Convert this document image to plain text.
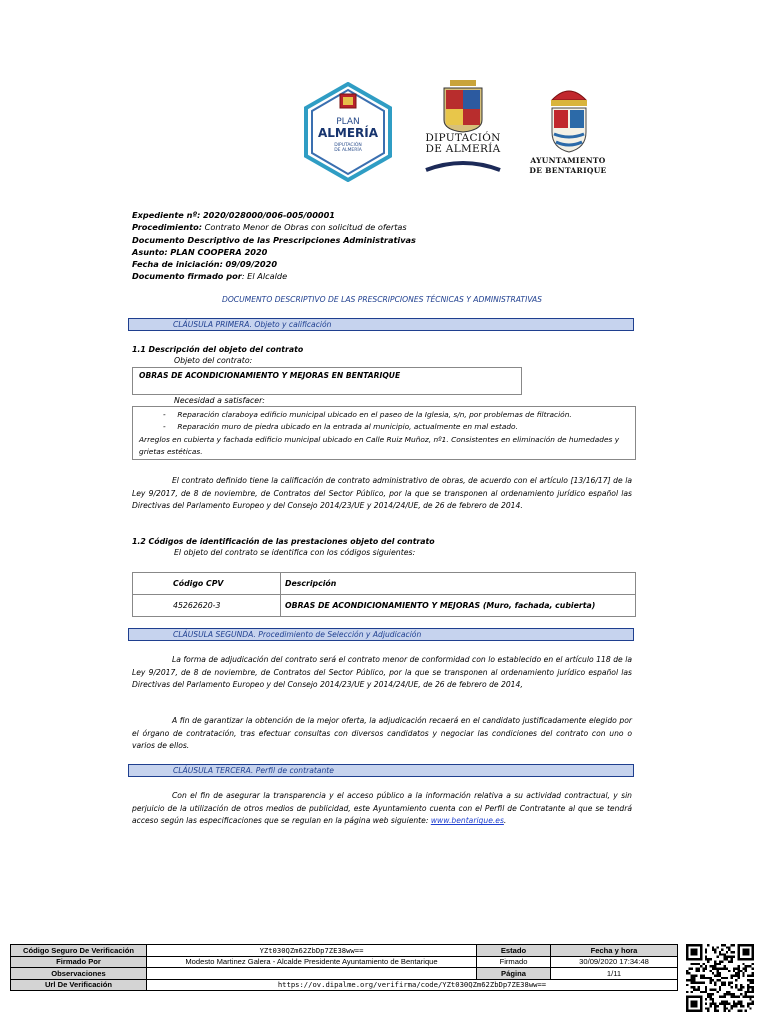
PLAN
ALMERÍA
DIPUTACIÓN
DE ALMERÍA
DIPUTACIÓN
DE ALMERÍA
AYUNTAMIENTO
DE BENTARIQUE
Expediente nº: 2020/028000/006-005/00001
Procedimiento: Contrato Menor de Obras con solicitud de ofertas
Documento Descriptivo de las Prescripciones Administrativas
Asunto: PLAN COOPERA 2020
Fecha de iniciación: 09/09/2020
Documento firmado por: El Alcalde
DOCUMENTO DESCRIPTIVO DE LAS PRESCRIPCIONES TÉCNICAS Y ADMINISTRATIVAS
CLÁUSULA PRIMERA. Objeto y calificación
1.1 Descripción del objeto del contrato
Objeto del contrato:
OBRAS DE ACONDICIONAMIENTO Y MEJORAS EN BENTARIQUE
Necesidad a satisfacer:
-     Reparación claraboya edificio municipal ubicado en el paseo de la Iglesia, s/n, por problemas de filtración.
-     Reparación muro de piedra ubicado en la entrada al municipio, actualmente en mal estado.
Arreglos en cubierta y fachada edificio municipal ubicado en Calle Ruiz Muñoz, nº1. Consistentes en eliminación de humedades y grietas estéticas.
El contrato definido tiene la calificación de contrato administrativo de obras, de acuerdo con el artículo [13/16/17] de la Ley 9/2017, de 8 de noviembre, de Contratos del Sector Público, por la que se transponen al ordenamiento jurídico español las Directivas del Parlamento Europeo y del Consejo 2014/23/UE y 2014/24/UE, de 26 de febrero de 2014.
1.2 Códigos de identificación de las prestaciones objeto del contrato
El objeto del contrato se identifica con los códigos siguientes:
Código CPV	Descripción
45262620-3	OBRAS DE ACONDICIONAMIENTO Y MEJORAS (Muro, fachada, cubierta)
CLÁUSULA SEGUNDA. Procedimiento de Selección y Adjudicación
La forma de adjudicación del contrato será el contrato menor de conformidad con lo establecido en el artículo 118 de la Ley 9/2017, de 8 de noviembre, de Contratos del Sector Público, por la que se transponen al ordenamiento jurídico español las Directivas del Parlamento Europeo y del Consejo 2014/23/UE y 2014/24/UE, de 26 de febrero de 2014,
A fin de garantizar la obtención de la mejor oferta, la adjudicación recaerá en el candidato justificadamente elegido por el órgano de contratación, tras efectuar consultas con diversos candidatos y negociar las condiciones del contrato con uno o varios de ellos.
CLÁUSULA TERCERA. Perfil de contratante
Con el fin de asegurar la transparencia y el acceso público a la información relativa a su actividad contractual, y sin perjuicio de la utilización de otros medios de publicidad, este Ayuntamiento cuenta con el Perfil de Contratante al que se tendrá acceso según las especificaciones que se regulan en la página web siguiente: www.bentarique.es.
Código Seguro De Verificación	YZt030QZm62ZbDp7ZE38ww==	Estado	Fecha y hora
Firmado Por	Modesto Martinez Galera - Alcalde Presidente Ayuntamiento de Bentarique	Firmado	30/09/2020 17:34:48
Observaciones		Página	1/11
Url De Verificación	https://ov.dipalme.org/verifirma/code/YZt030QZm62ZbDp7ZE38ww==		
